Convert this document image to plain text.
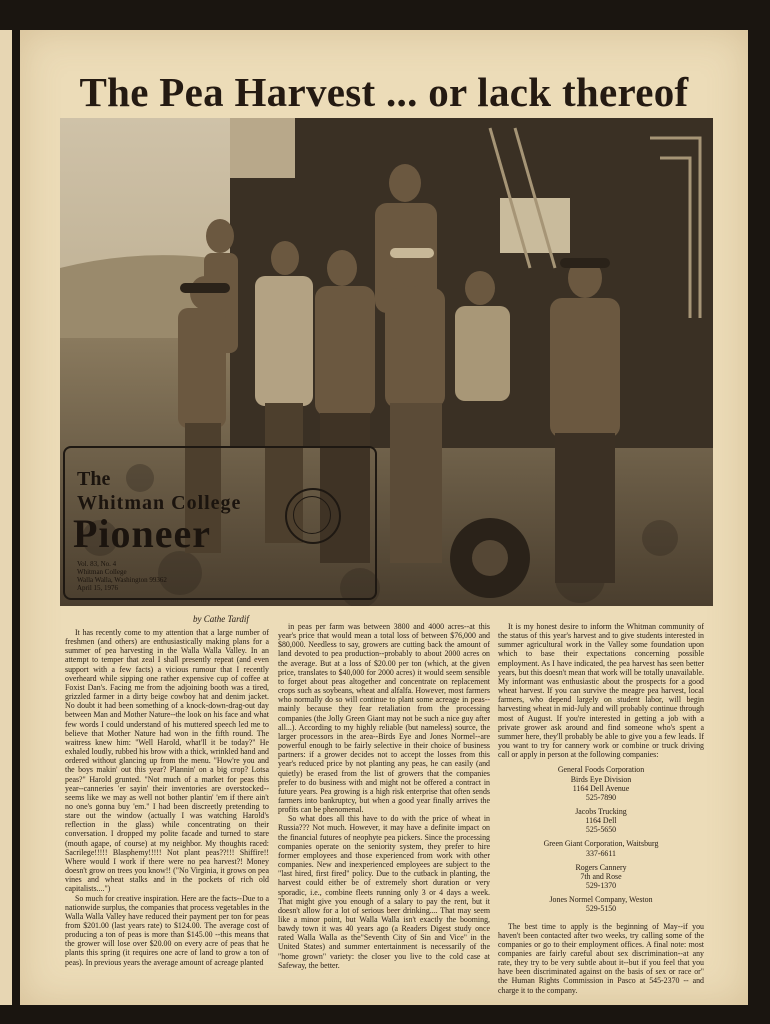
The Pea Harvest ... or lack thereof
The
Whitman College
Pioneer
Vol. 83, No. 4
Whitman College
Walla Walla, Washington 99362
April 15, 1976
by Cathe Tardif

It has recently come to my attention that a large number of freshmen (and others) are enthusiastically making plans for a summer of pea harvesting in the Walla Walla Valley. In an attempt to temper that zeal I shall presently repeat (and even support with a few facts) a vicious rumour that I recently overheard while sipping one rather expensive cup of coffee at Foxist Dan's. Facing me from the adjoining booth was a tired, grizzled farmer in a dirty beige cowboy hat and denim jacket. No doubt it had been something of a knock-down-drag-out day between Man and Mother Nature--the look on his face and what few words I could understand of his muttered speech led me to believe that Mother Nature had won in the fifth round. The waitress knew him: "Well Harold, what'll it be today?" He exhaled loudly, rubbed his brow with a thick, wrinkled hand and ordered without glancing up from the menu. "How're you and the boys makin' out this year? Plannin' on a big crop? Lotsa peas?" Harold grunted. "Not much of a market for peas this year--canneries 'er sayin' their inventories are overstocked--seems like we may as well not bother plantin' 'em if there ain't no one's gonna buy 'em." I had been discreetly pretending to stare out the window (actually I was watching Harold's reflection in the glass) while concentrating on their conversation. I dropped my polite facade and turned to stare (mouth agape, of course) at my neighbor. My thoughts raced: Sacrilege!!!!! Blasphemy!!!!! Not plant peas??!!! Shiffire!! Where would I work if there were no pea harvest?! Money doesn't grow on trees you know!! ("No Virginia, it grows on pea vines and wheat stalks and in the pockets of rich old capitalists....")

So much for creative inspiration. Here are the facts--Due to a nationwide surplus, the companies that process vegetables in the Walla Walla Valley have reduced their payment per ton for peas from $201.00 (last years rate) to $124.00. The average cost of producing a ton of peas is more than $145.00 --this means that the grower will lose over $20.00 on every acre of peas that he plants this spring (it requires one acre of land to grow a ton of peas). In previous years the average amount of acreage planted

in peas per farm was between 3800 and 4000 acres--at this year's price that would mean a total loss of between $76,000 and $80,000. Needless to say, growers are cutting back the amount of land devoted to pea production--probably to about 2000 acres on the average. But at a loss of $20.00 per ton (which, at the given price, translates to $40,000 for 2000 acres) it would seem sensible to forget about peas altogether and concentrate on replacement crops such as soybeans, wheat and alfalfa. However, most farmers who normally do so will continue to plant some acreage in peas--mainly because they fear retaliation from the processing companies (the Jolly Green Giant may not be such a nice guy after all...). According to my highly reliable (but nameless) source, the larger processors in the area--Birds Eye and Jones Normel--are powerful enough to be fairly selective in their choice of business partners: if a grower decides not to accept the losses from this year's reduced price by not planting any peas, he can easily (and quietly) be erased from the list of growers that the companies prefer to do business with and might not be offered a contract in future years. Pea growing is a high risk enterprise that often sends farmers into bankruptcy, but when a good year finally arrives the profits can be phenomenal.

So what does all this have to do with the price of wheat in Russia??? Not much. However, it may have a definite impact on the financial futures of neophyte pea pickers. Since the processing companies operate on the seniority system, they prefer to hire former employees and those experienced from work with other companies. New and inexperienced employees are subject to the "last hired, first fired" policy. Due to the cutback in planting, the harvest could either be of extremely short duration or very sporadic, i.e., combine fleets running only 3 or 4 days a week. That might give you enough of a salary to pay the rent, but it doesn't allow for a lot of serious beer drinking.... That may seem like a minor point, but Walla Walla isn't exactly the booming, bawdy town it was 40 years ago (a Readers Digest study once rated Walla Walla as the"Seventh City of Sin and Vice" in the United States) and summer entertainment is necessarily of the "home grown" variety: the closer you live to the cold case at Safeway, the better.

It is my honest desire to inform the Whitman community of the status of this year's harvest and to give students interested in summer agricultural work in the Valley some foundation upon which to base their expectations concerning possible employment. As I have indicated, the pea harvest has seen better years, but this doesn't mean that work will be totally unavailable. My informant was enthusiastic about the prospects for a good wheat harvest. If you can survive the meagre pea harvest, local farmers, who depend largely on student labor, will begin harvesting wheat in mid-July and will probably continue through most of August. If you're interested in getting a job with a private grower ask around and find someone who's spent a summer here, they'll probably be able to give you a few leads. If you want to try for cannery work or combine or truck driving call or apply in person at the following companies:

General Foods Corporation
Birds Eye Division
1164 Dell Avenue
525-7890
Jacobs Trucking
1164 Dell
525-5650
Green Giant Corporation, Waitsburg
337-6611
Rogers Cannery
7th and Rose
529-1370
Jones Normel Company, Weston
529-5150

The best time to apply is the beginning of May--if you haven't been contacted after two weeks, try calling some of the companies or go to their employment offices. A final note: most companies are fairly careful about sex discrimination--at any rate, they try to be very subtle about it--but if you feel that you have been discriminated against on the basis of sex or race or" the Human Rights Commission in Pasco at 545-2370 -- and charge it to the company.
